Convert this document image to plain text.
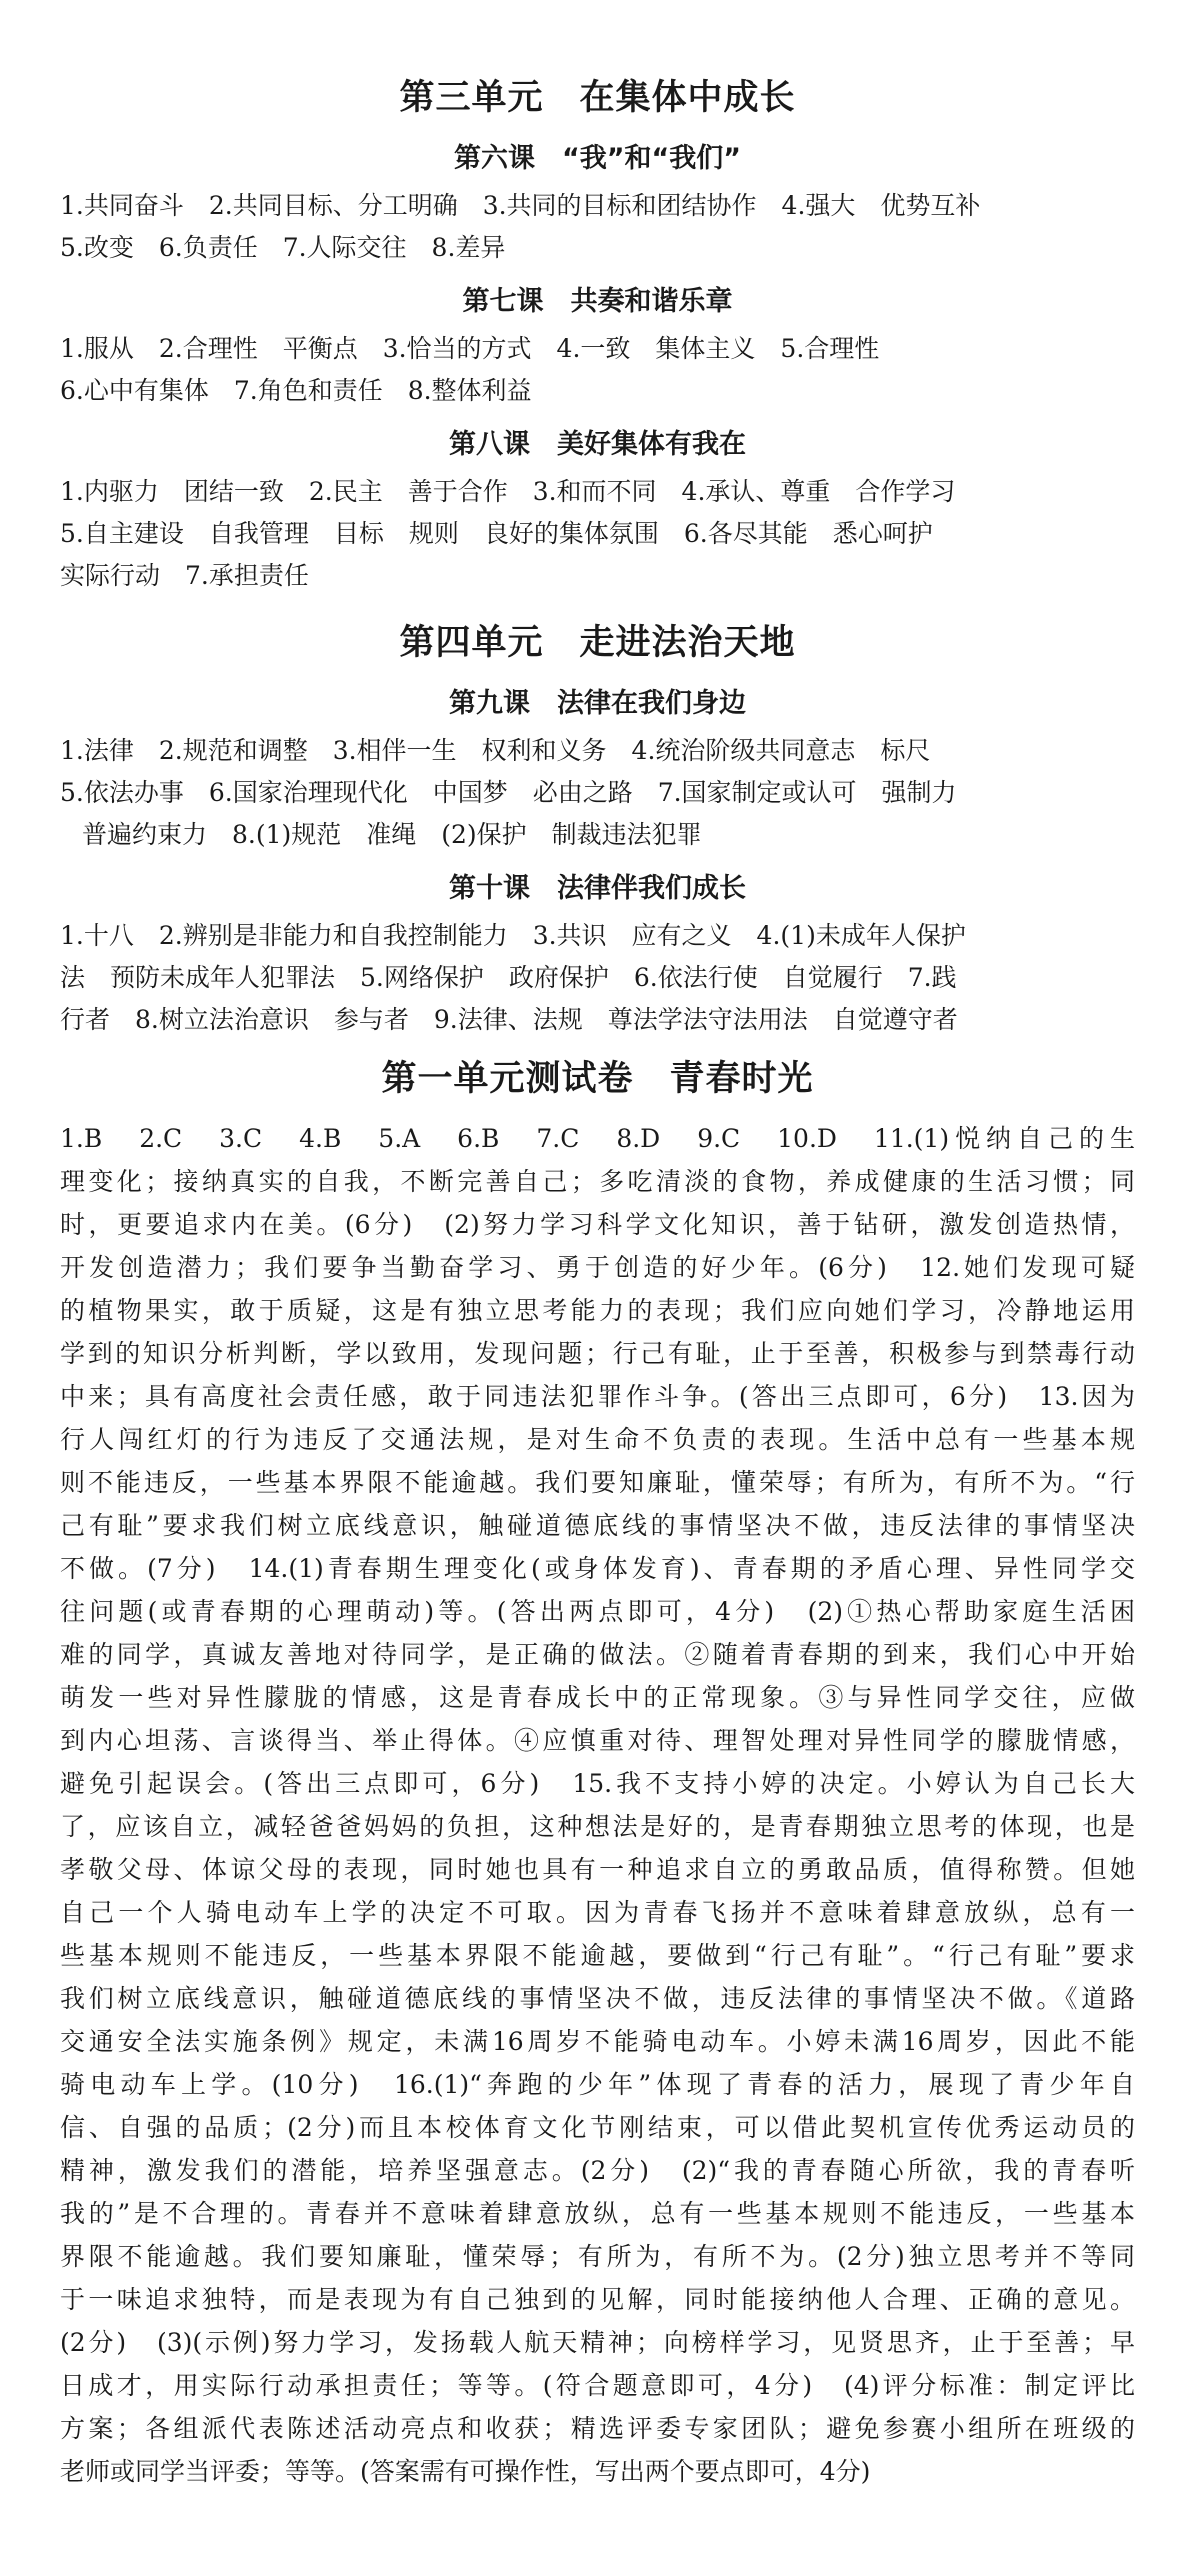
第三单元　在集体中成长
第六课　“我”和“我们”
1.共同奋斗　2.共同目标、分工明确　3.共同的目标和团结协作　4.强大　优势互补
5.改变　6.负责任　7.人际交往　8.差异
第七课　共奏和谐乐章
1.服从　2.合理性　平衡点　3.恰当的方式　4.一致　集体主义　5.合理性
6.心中有集体　7.角色和责任　8.整体利益
第八课　美好集体有我在
1.内驱力　团结一致　2.民主　善于合作　3.和而不同　4.承认、尊重　合作学习
5.自主建设　自我管理　目标　规则　良好的集体氛围　6.各尽其能　悉心呵护
实际行动　7.承担责任
第四单元　走进法治天地
第九课　法律在我们身边
1.法律　2.规范和调整　3.相伴一生　权利和义务　4.统治阶级共同意志　标尺
5.依法办事　6.国家治理现代化　中国梦　必由之路　7.国家制定或认可　强制力
普遍约束力　8.(1)规范　准绳　(2)保护　制裁违法犯罪
第十课　法律伴我们成长
1.十八　2.辨别是非能力和自我控制能力　3.共识　应有之义　4.(1)未成年人保护
法　预防未成年人犯罪法　5.网络保护　政府保护　6.依法行使　自觉履行　7.践
行者　8.树立法治意识　参与者　9.法律、法规　尊法学法守法用法　自觉遵守者
第一单元测试卷　青春时光
1.B　2.C　3.C　4.B　5.A　6.B　7.C　8.D　9.C　10.D　11.(1)悦纳自己的生
理变化；接纳真实的自我，不断完善自己；多吃清淡的食物，养成健康的生活习惯；同
时，更要追求内在美。(6分)　(2)努力学习科学文化知识，善于钻研，激发创造热情，
开发创造潜力；我们要争当勤奋学习、勇于创造的好少年。(6分)　12.她们发现可疑
的植物果实，敢于质疑，这是有独立思考能力的表现；我们应向她们学习，冷静地运用
学到的知识分析判断，学以致用，发现问题；行己有耻，止于至善，积极参与到禁毒行动
中来；具有高度社会责任感，敢于同违法犯罪作斗争。(答出三点即可，6分)　13.因为
行人闯红灯的行为违反了交通法规，是对生命不负责的表现。生活中总有一些基本规
则不能违反，一些基本界限不能逾越。我们要知廉耻，懂荣辱；有所为，有所不为。“行
己有耻”要求我们树立底线意识，触碰道德底线的事情坚决不做，违反法律的事情坚决
不做。(7分)　14.(1)青春期生理变化(或身体发育)、青春期的矛盾心理、异性同学交
往问题(或青春期的心理萌动)等。(答出两点即可，4分)　(2)①热心帮助家庭生活困
难的同学，真诚友善地对待同学，是正确的做法。②随着青春期的到来，我们心中开始
萌发一些对异性朦胧的情感，这是青春成长中的正常现象。③与异性同学交往，应做
到内心坦荡、言谈得当、举止得体。④应慎重对待、理智处理对异性同学的朦胧情感，
避免引起误会。(答出三点即可，6分)　15.我不支持小婷的决定。小婷认为自己长大
了，应该自立，减轻爸爸妈妈的负担，这种想法是好的，是青春期独立思考的体现，也是
孝敬父母、体谅父母的表现，同时她也具有一种追求自立的勇敢品质，值得称赞。但她
自己一个人骑电动车上学的决定不可取。因为青春飞扬并不意味着肆意放纵，总有一
些基本规则不能违反，一些基本界限不能逾越，要做到“行己有耻”。“行己有耻”要求
我们树立底线意识，触碰道德底线的事情坚决不做，违反法律的事情坚决不做。《道路
交通安全法实施条例》规定，未满16周岁不能骑电动车。小婷未满16周岁，因此不能
骑电动车上学。(10分)　16.(1)“奔跑的少年”体现了青春的活力，展现了青少年自
信、自强的品质；(2分)而且本校体育文化节刚结束，可以借此契机宣传优秀运动员的
精神，激发我们的潜能，培养坚强意志。(2分)　(2)“我的青春随心所欲，我的青春听
我的”是不合理的。青春并不意味着肆意放纵，总有一些基本规则不能违反，一些基本
界限不能逾越。我们要知廉耻，懂荣辱；有所为，有所不为。(2分)独立思考并不等同
于一味追求独特，而是表现为有自己独到的见解，同时能接纳他人合理、正确的意见。
(2分)　(3)(示例)努力学习，发扬载人航天精神；向榜样学习，见贤思齐，止于至善；早
日成才，用实际行动承担责任；等等。(符合题意即可，4分)　(4)评分标准：制定评比
方案；各组派代表陈述活动亮点和收获；精选评委专家团队；避免参赛小组所在班级的
老师或同学当评委；等等。(答案需有可操作性，写出两个要点即可，4分)
